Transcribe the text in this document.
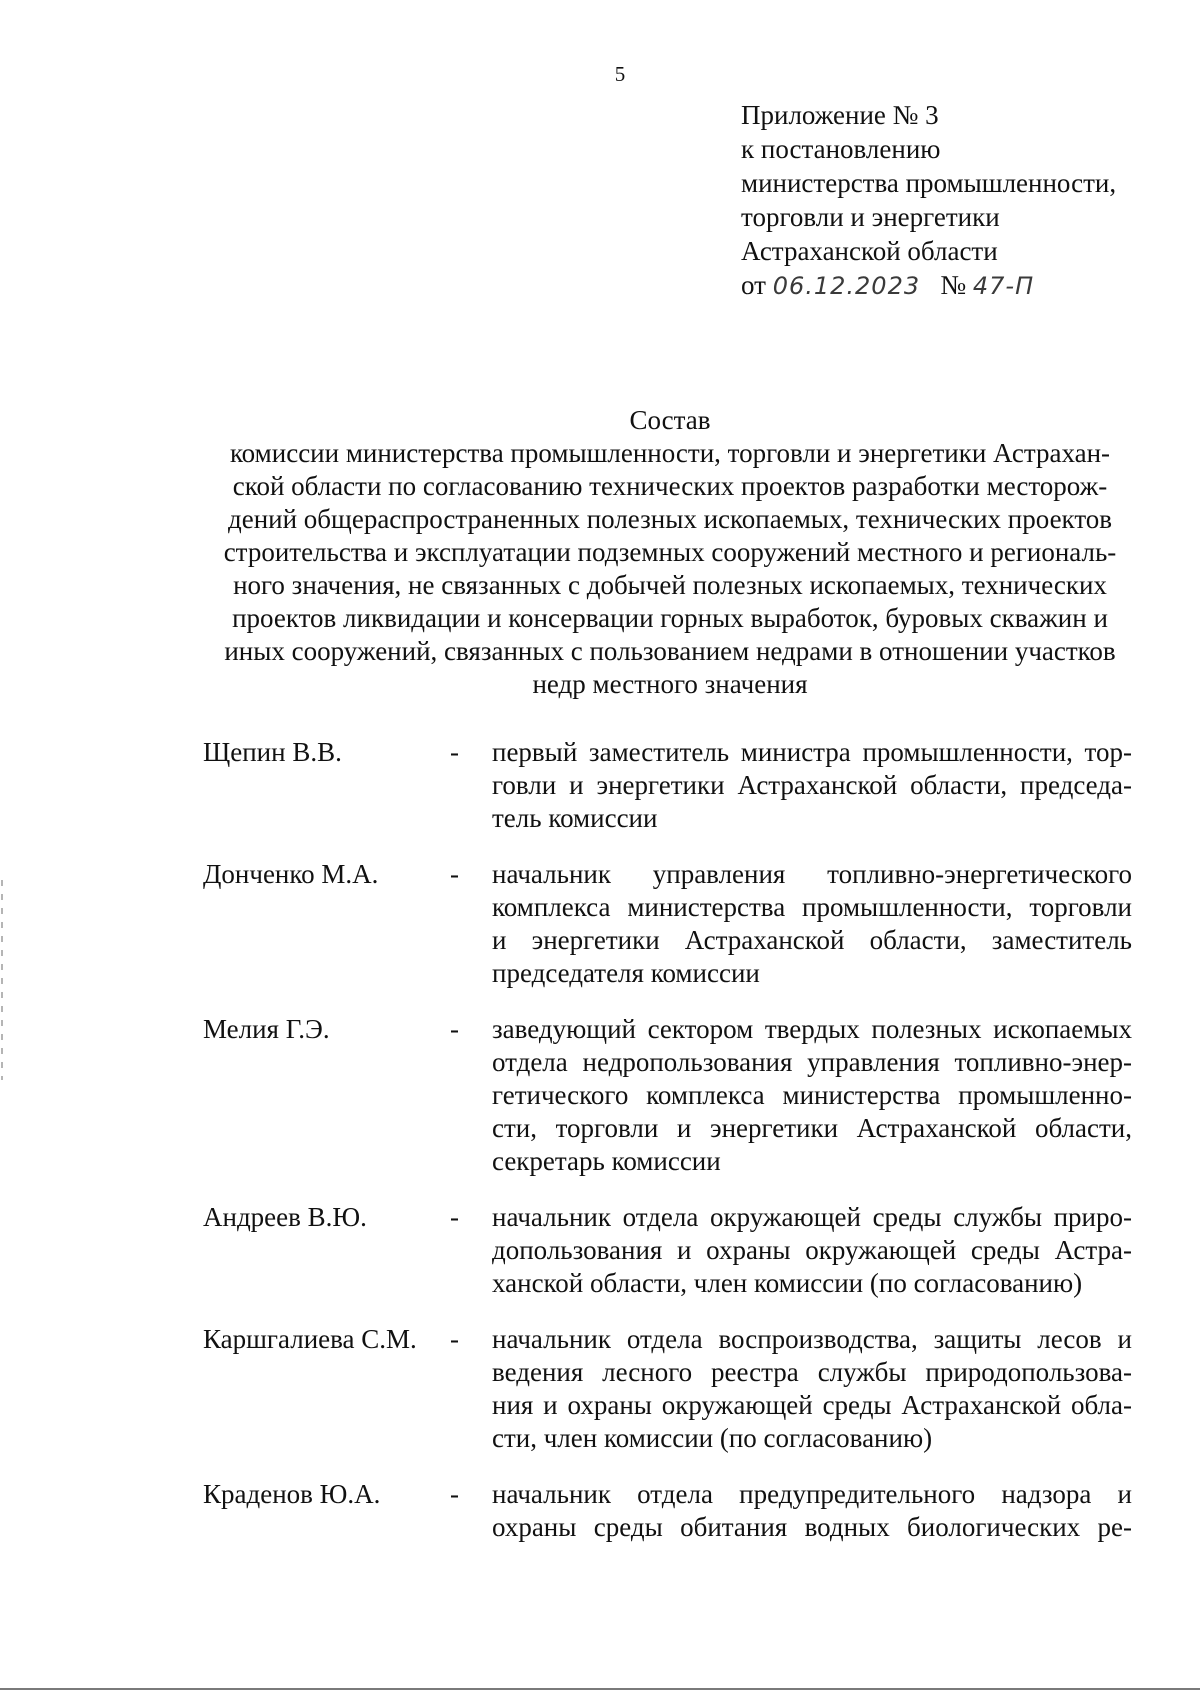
5
Приложение № 3
к постановлению
министерства промышленности,
торговли и энергетики
Астраханской области
от 06.12.2023 № 47-П
Состав
комиссии министерства промышленности, торговли и энергетики Астрахан-
ской области по согласованию технических проектов разработки месторож-
дений общераспространенных полезных ископаемых, технических проектов
строительства и эксплуатации подземных сооружений местного и региональ-
ного значения, не связанных с добычей полезных ископаемых, технических
проектов ликвидации и консервации горных выработок, буровых скважин и
иных сооружений, связанных с пользованием недрами в отношении участков
недр местного значения
Щепин В.В.	-	первый заместитель министра промышленности, тор-
говли и энергетики Астраханской области, председа-
тель комиссии
Донченко М.А.	-	начальник управления топливно-энергетического
комплекса министерства промышленности, торговли
и энергетики Астраханской области, заместитель
председателя комиссии
Мелия Г.Э.	-	заведующий сектором твердых полезных ископаемых
отдела недропользования управления топливно-энер-
гетического комплекса министерства промышленно-
сти, торговли и энергетики Астраханской области,
секретарь комиссии
Андреев В.Ю.	-	начальник отдела окружающей среды службы приро-
допользования и охраны окружающей среды Астра-
ханской области, член комиссии (по согласованию)
Каршгалиева С.М.	-	начальник отдела воспроизводства, защиты лесов и
ведения лесного реестра службы природопользова-
ния и охраны окружающей среды Астраханской обла-
сти, член комиссии (по согласованию)
Краденов Ю.А.	-	начальник отдела предупредительного надзора и
охраны среды обитания водных биологических ре-
